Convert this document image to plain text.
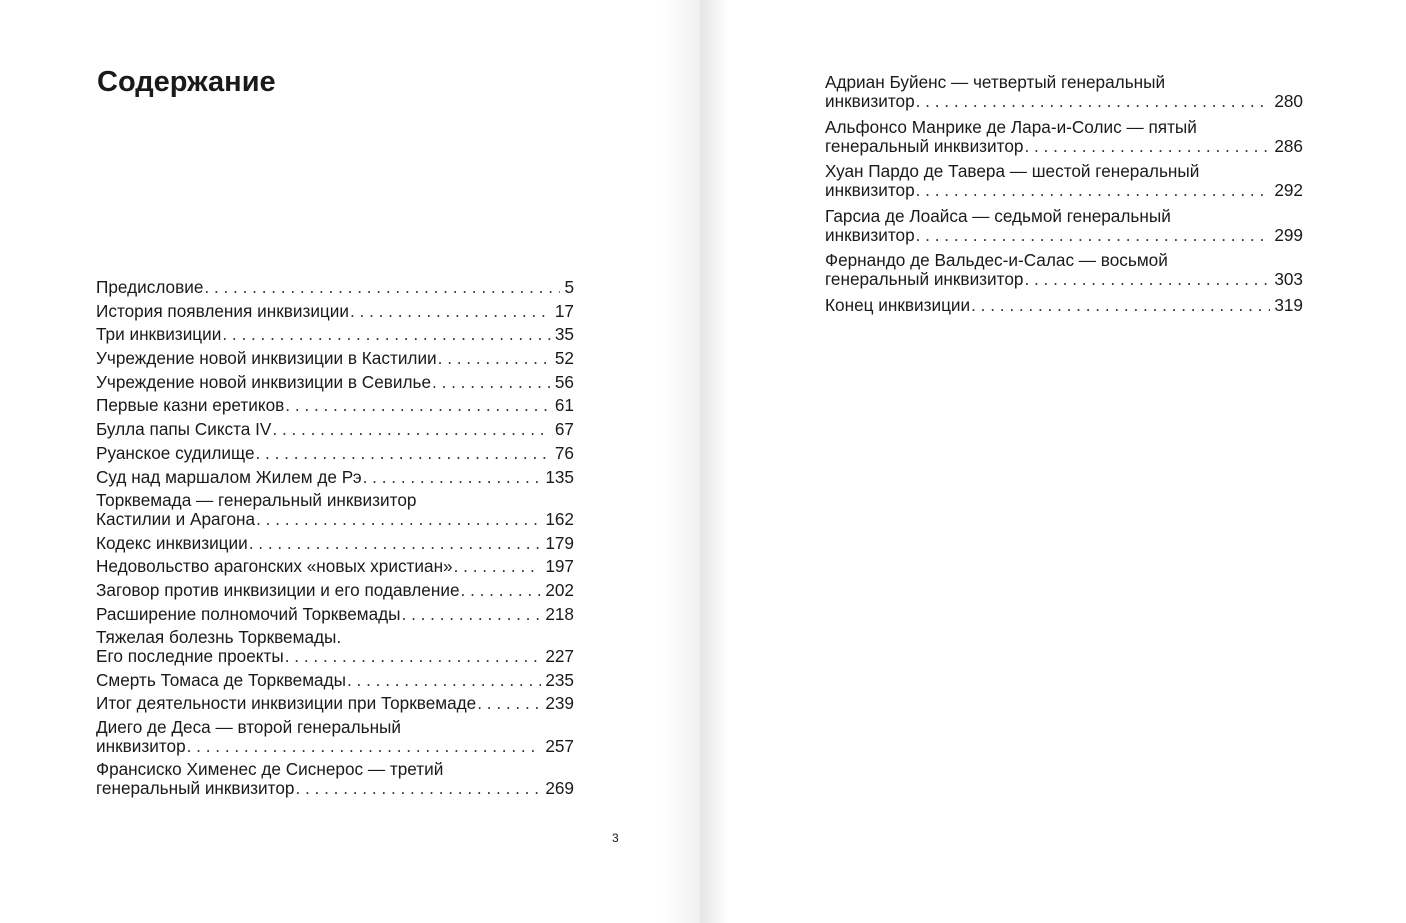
Содержание
Предисловие . . .	5
История появления инквизиции . . .	17
Три инквизиции . . .	35
Учреждение новой инквизиции в Кастилии . . .	52
Учреждение новой инквизиции в Севилье . . .	56
Первые казни еретиков . . .	61
Булла папы Сикста IV . . .	67
Руанское судилище . . .	76
Суд над маршалом Жилем де Рэ . . .	135
Торквемада — генеральный инквизитор
Кастилии и Арагона . . .	162
Кодекс инквизиции . . .	179
Недовольство арагонских «новых христиан» . . .	197
Заговор против инквизиции и его подавление . . .	202
Расширение полномочий Торквемады . . .	218
Тяжелая болезнь Торквемады.
Его последние проекты . . .	227
Смерть Томаса де Торквемады . . .	235
Итог деятельности инквизиции при Торквемаде . . .	239
Диего де Деса — второй генеральный
инквизитор . . .	257
Франсиско Хименес де Сиснерос — третий
генеральный инквизитор . . .	269
3
Адриан Буйенс — четвертый генеральный
инквизитор . . .	280
Альфонсо Манрике де Лара-и-Солис — пятый
генеральный инквизитор . . .	286
Хуан Пардо де Тавера — шестой генеральный
инквизитор . . .	292
Гарсиа де Лоайса — седьмой генеральный
инквизитор . . .	299
Фернандо де Вальдес-и-Салас — восьмой
генеральный инквизитор . . .	303
Конец инквизиции . . .	319
